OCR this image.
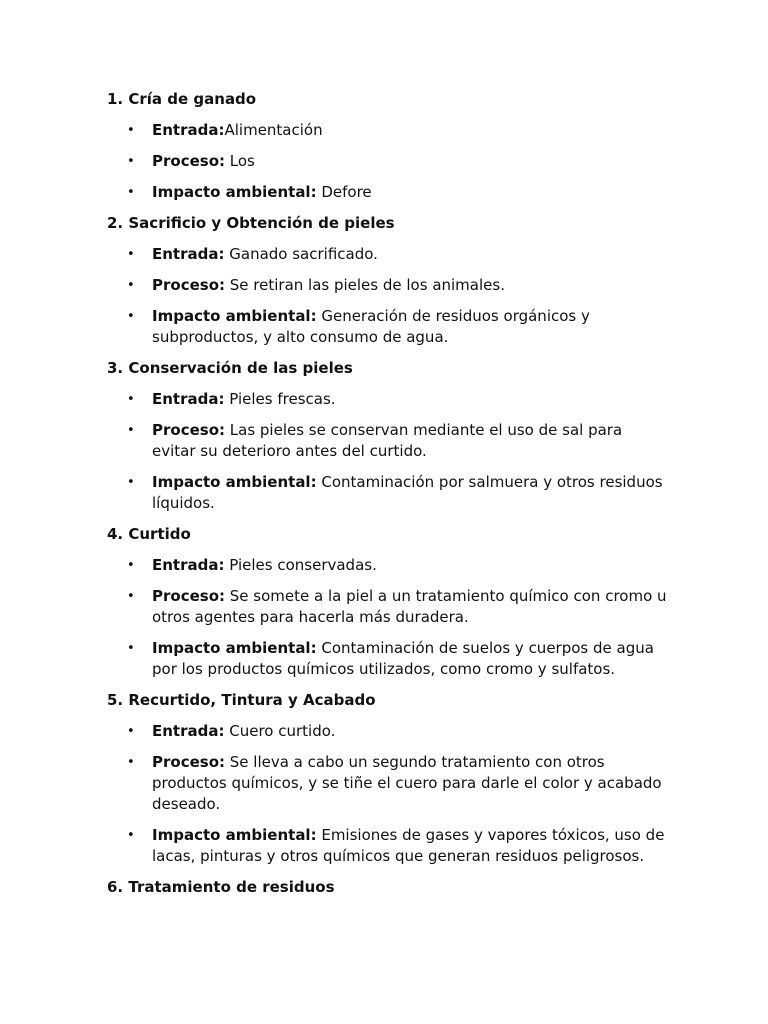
1. Cría de ganado

• Entrada:Alimentación
• Proceso: Los
• Impacto ambiental: Defore

2. Sacrificio y Obtención de pieles

• Entrada: Ganado sacrificado.
• Proceso: Se retiran las pieles de los animales.
• Impacto ambiental: Generación de residuos orgánicos y subproductos, y alto consumo de agua.

3. Conservación de las pieles

• Entrada: Pieles frescas.
• Proceso: Las pieles se conservan mediante el uso de sal para evitar su deterioro antes del curtido.
• Impacto ambiental: Contaminación por salmuera y otros residuos líquidos.

4. Curtido

• Entrada: Pieles conservadas.
• Proceso: Se somete a la piel a un tratamiento químico con cromo u otros agentes para hacerla más duradera.
• Impacto ambiental: Contaminación de suelos y cuerpos de agua por los productos químicos utilizados, como cromo y sulfatos.

5. Recurtido, Tintura y Acabado

• Entrada: Cuero curtido.
• Proceso: Se lleva a cabo un segundo tratamiento con otros productos químicos, y se tiñe el cuero para darle el color y acabado deseado.
• Impacto ambiental: Emisiones de gases y vapores tóxicos, uso de lacas, pinturas y otros químicos que generan residuos peligrosos.

6. Tratamiento de residuos
